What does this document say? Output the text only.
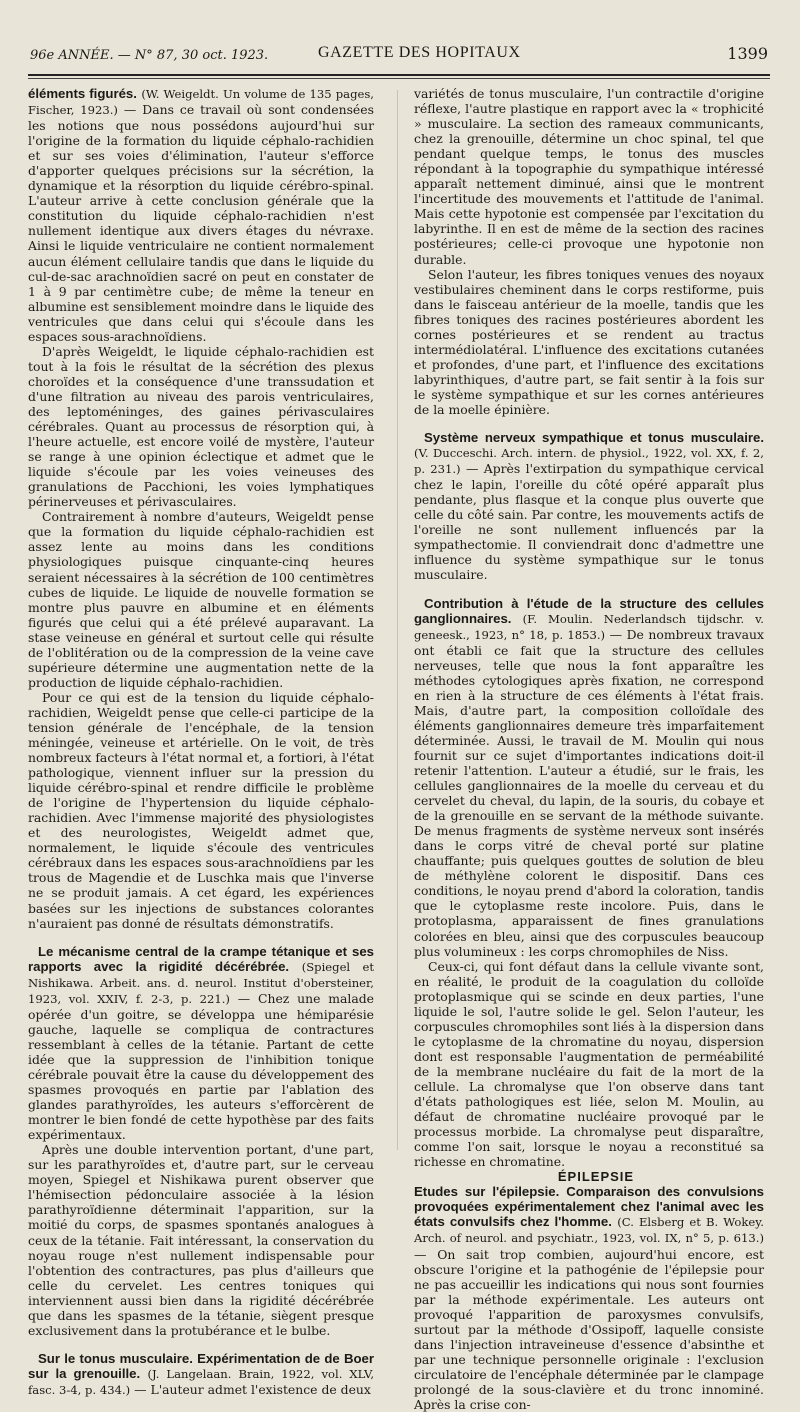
96e ANNÉE. — N° 87, 30 oct. 1923.	GAZETTE DES HOPITAUX	1399

éléments figurés. (W. Weigeldt. Un volume de 135 pages, Fischer, 1923.) — Dans ce travail où sont condensées les notions que nous possédons aujourd'hui sur l'origine de la formation du liquide céphalo-rachidien et sur ses voies d'élimination, l'auteur s'efforce d'apporter quelques précisions sur la sécrétion, la dynamique et la résorption du liquide cérébro-spinal. L'auteur arrive à cette conclusion générale que la constitution du liquide céphalo-rachidien n'est nullement identique aux divers étages du névraxe. Ainsi le liquide ventriculaire ne contient normalement aucun élément cellulaire tandis que dans le liquide du cul-de-sac arachnoïdien sacré on peut en constater de 1 à 9 par centimètre cube; de même la teneur en albumine est sensiblement moindre dans le liquide des ventricules que dans celui qui s'écoule dans les espaces sous-arachnoïdiens.

D'après Weigeldt, le liquide céphalo-rachidien est tout à la fois le résultat de la sécrétion des plexus choroïdes et la conséquence d'une transsudation et d'une filtration au niveau des parois ventriculaires, des leptoméninges, des gaines périvasculaires cérébrales. Quant au processus de résorption qui, à l'heure actuelle, est encore voilé de mystère, l'auteur se range à une opinion éclectique et admet que le liquide s'écoule par les voies veineuses des granulations de Pacchioni, les voies lymphatiques périnerveuses et périvasculaires.

Contrairement à nombre d'auteurs, Weigeldt pense que la formation du liquide céphalo-rachidien est assez lente au moins dans les conditions physiologiques puisque cinquante-cinq heures seraient nécessaires à la sécrétion de 100 centimètres cubes de liquide. Le liquide de nouvelle formation se montre plus pauvre en albumine et en éléments figurés que celui qui a été prélevé auparavant. La stase veineuse en général et surtout celle qui résulte de l'oblitération ou de la compression de la veine cave supérieure détermine une augmentation nette de la production de liquide céphalo-rachidien.

Pour ce qui est de la tension du liquide céphalo-rachidien, Weigeldt pense que celle-ci participe de la tension générale de l'encéphale, de la tension méningée, veineuse et artérielle. On le voit, de très nombreux facteurs à l'état normal et, a fortiori, à l'état pathologique, viennent influer sur la pression du liquide cérébro-spinal et rendre difficile le problème de l'origine de l'hypertension du liquide céphalo-rachidien. Avec l'immense majorité des physiologistes et des neurologistes, Weigeldt admet que, normalement, le liquide s'écoule des ventricules cérébraux dans les espaces sous-arachnoïdiens par les trous de Magendie et de Luschka mais que l'inverse ne se produit jamais. A cet égard, les expériences basées sur les injections de substances colorantes n'auraient pas donné de résultats démonstratifs.

Le mécanisme central de la crampe tétanique et ses rapports avec la rigidité décérébrée. (Spiegel et Nishikawa. Arbeit. ans. d. neurol. Institut d'obersteiner, 1923, vol. XXIV, f. 2-3, p. 221.) — Chez une malade opérée d'un goitre, se développa une hémiparésie gauche, laquelle se compliqua de contractures ressemblant à celles de la tétanie. Partant de cette idée que la suppression de l'inhibition tonique cérébrale pouvait être la cause du développement des spasmes provoqués en partie par l'ablation des glandes parathyroïdes, les auteurs s'efforcèrent de montrer le bien fondé de cette hypothèse par des faits expérimentaux.

Après une double intervention portant, d'une part, sur les parathyroïdes et, d'autre part, sur le cerveau moyen, Spiegel et Nishikawa purent observer que l'hémisection pédonculaire associée à la lésion parathyroïdienne déterminait l'apparition, sur la moitié du corps, de spasmes spontanés analogues à ceux de la tétanie. Fait intéressant, la conservation du noyau rouge n'est nullement indispensable pour l'obtention des contractures, pas plus d'ailleurs que celle du cervelet. Les centres toniques qui interviennent aussi bien dans la rigidité décérébrée que dans les spasmes de la tétanie, siègent presque exclusivement dans la protubérance et le bulbe.

Sur le tonus musculaire. Expérimentation de de Boer sur la grenouille. (J. Langelaan. Brain, 1922, vol. XLV, fasc. 3-4, p. 434.) — L'auteur admet l'existence de deux

variétés de tonus musculaire, l'un contractile d'origine réflexe, l'autre plastique en rapport avec la « trophicité » musculaire. La section des rameaux communicants, chez la grenouille, détermine un choc spinal, tel que pendant quelque temps, le tonus des muscles répondant à la topographie du sympathique intéressé apparaît nettement diminué, ainsi que le montrent l'incertitude des mouvements et l'attitude de l'animal. Mais cette hypotonie est compensée par l'excitation du labyrinthe. Il en est de même de la section des racines postérieures; celle-ci provoque une hypotonie non durable.

Selon l'auteur, les fibres toniques venues des noyaux vestibulaires cheminent dans le corps restiforme, puis dans le faisceau antérieur de la moelle, tandis que les fibres toniques des racines postérieures abordent les cornes postérieures et se rendent au tractus intermédiolatéral. L'influence des excitations cutanées et profondes, d'une part, et l'influence des excitations labyrinthiques, d'autre part, se fait sentir à la fois sur le système sympathique et sur les cornes antérieures de la moelle épinière.

Système nerveux sympathique et tonus musculaire. (V. Ducceschi. Arch. intern. de physiol., 1922, vol. XX, f. 2, p. 231.) — Après l'extirpation du sympathique cervical chez le lapin, l'oreille du côté opéré apparaît plus pendante, plus flasque et la conque plus ouverte que celle du côté sain. Par contre, les mouvements actifs de l'oreille ne sont nullement influencés par la sympathectomie. Il conviendrait donc d'admettre une influence du système sympathique sur le tonus musculaire.

Contribution à l'étude de la structure des cellules ganglionnaires. (F. Moulin. Nederlandsch tijdschr. v. geneesk., 1923, n° 18, p. 1853.) — De nombreux travaux ont établi ce fait que la structure des cellules nerveuses, telle que nous la font apparaître les méthodes cytologiques après fixation, ne correspond en rien à la structure de ces éléments à l'état frais. Mais, d'autre part, la composition colloïdale des éléments ganglionnaires demeure très imparfaitement déterminée. Aussi, le travail de M. Moulin qui nous fournit sur ce sujet d'importantes indications doit-il retenir l'attention. L'auteur a étudié, sur le frais, les cellules ganglionnaires de la moelle du cerveau et du cervelet du cheval, du lapin, de la souris, du cobaye et de la grenouille en se servant de la méthode suivante. De menus fragments de système nerveux sont insérés dans le corps vitré de cheval porté sur platine chauffante; puis quelques gouttes de solution de bleu de méthylène colorent le dispositif. Dans ces conditions, le noyau prend d'abord la coloration, tandis que le cytoplasme reste incolore. Puis, dans le protoplasma, apparaissent de fines granulations colorées en bleu, ainsi que des corpuscules beaucoup plus volumineux : les corps chromophiles de Niss.

Ceux-ci, qui font défaut dans la cellule vivante sont, en réalité, le produit de la coagulation du colloïde protoplasmique qui se scinde en deux parties, l'une liquide le sol, l'autre solide le gel. Selon l'auteur, les corpuscules chromophiles sont liés à la dispersion dans le cytoplasme de la chromatine du noyau, dispersion dont est responsable l'augmentation de perméabilité de la membrane nucléaire du fait de la mort de la cellule. La chromalyse que l'on observe dans tant d'états pathologiques est liée, selon M. Moulin, au défaut de chromatine nucléaire provoqué par le processus morbide. La chromalyse peut disparaître, comme l'on sait, lorsque le noyau a reconstitué sa richesse en chromatine.

ÉPILEPSIE

Etudes sur l'épilepsie. Comparaison des convulsions provoquées expérimentalement chez l'animal avec les états convulsifs chez l'homme. (C. Elsberg et B. Wokey. Arch. of neurol. and psychiatr., 1923, vol. IX, n° 5, p. 613.) — On sait trop combien, aujourd'hui encore, est obscure l'origine et la pathogénie de l'épilepsie pour ne pas accueillir les indications qui nous sont fournies par la méthode expérimentale. Les auteurs ont provoqué l'apparition de paroxysmes convulsifs, surtout par la méthode d'Ossipoff, laquelle consiste dans l'injection intraveineuse d'essence d'absinthe et par une technique personnelle originale : l'exclusion circulatoire de l'encéphale déterminée par le clampage prolongé de la sous-clavière et du tronc innominé. Après la crise con-
